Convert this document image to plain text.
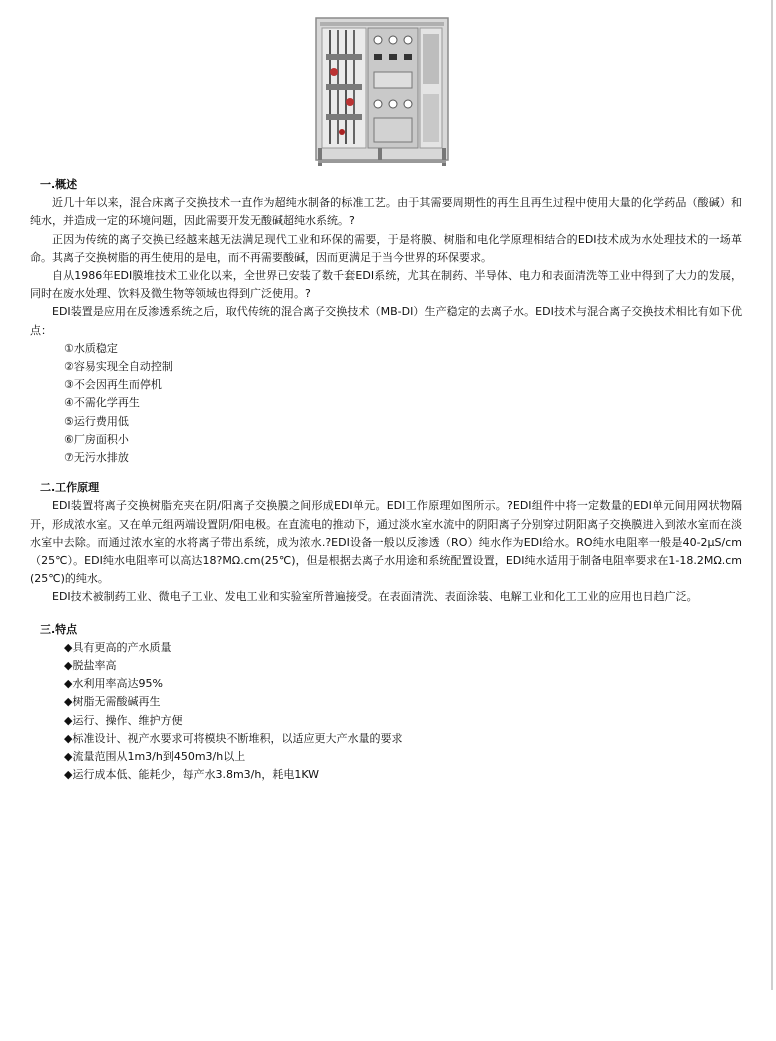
一.概述

近几十年以来，混合床离子交换技术一直作为超纯水制备的标准工艺。由于其需要周期性的再生且再生过程中使用大量的化学药品（酸碱）和纯水，并造成一定的环境问题，因此需要开发无酸碱超纯水系统。?

正因为传统的离子交换已经越来越无法满足现代工业和环保的需要，于是将膜、树脂和电化学原理相结合的EDI技术成为水处理技术的一场革命。其离子交换树脂的再生使用的是电，而不再需要酸碱，因而更满足于当今世界的环保要求。

自从1986年EDI膜堆技术工业化以来，全世界已安装了数千套EDI系统，尤其在制药、半导体、电力和表面清洗等工业中得到了大力的发展，同时在废水处理、饮料及微生物等领域也得到广泛使用。?

EDI装置是应用在反渗透系统之后，取代传统的混合离子交换技术（MB-DI）生产稳定的去离子水。EDI技术与混合离子交换技术相比有如下优点：

①水质稳定
②容易实现全自动控制
③不会因再生而停机
④不需化学再生
⑤运行费用低
⑥厂房面积小
⑦无污水排放
二.工作原理

EDI装置将离子交换树脂充夹在阴/阳离子交换膜之间形成EDI单元。EDI工作原理如图所示。?EDI组件中将一定数量的EDI单元间用网状物隔开，形成浓水室。又在单元组两端设置阴/阳电极。在直流电的推动下，通过淡水室水流中的阴阳离子分别穿过阴阳离子交换膜进入到浓水室而在淡水室中去除。而通过浓水室的水将离子带出系统，成为浓水.?EDI设备一般以反渗透（RO）纯水作为EDI给水。RO纯水电阻率一般是40-2μS/cm（25℃）。EDI纯水电阻率可以高达18?MΩ.cm(25℃)，但是根据去离子水用途和系统配置设置，EDI纯水适用于制备电阻率要求在1-18.2MΩ.cm(25℃)的纯水。

EDI技术被制药工业、微电子工业、发电工业和实验室所普遍接受。在表面清洗、表面涂装、电解工业和化工工业的应用也日趋广泛。

三.特点
◆具有更高的产水质量
◆脱盐率高
◆水利用率高达95%
◆树脂无需酸碱再生
◆运行、操作、维护方便
◆标准设计、视产水要求可将模块不断堆积，以适应更大产水量的要求
◆流量范围从1m3/h到450m3/h以上
◆运行成本低、能耗少，每产水3.8m3/h，耗电1KW
